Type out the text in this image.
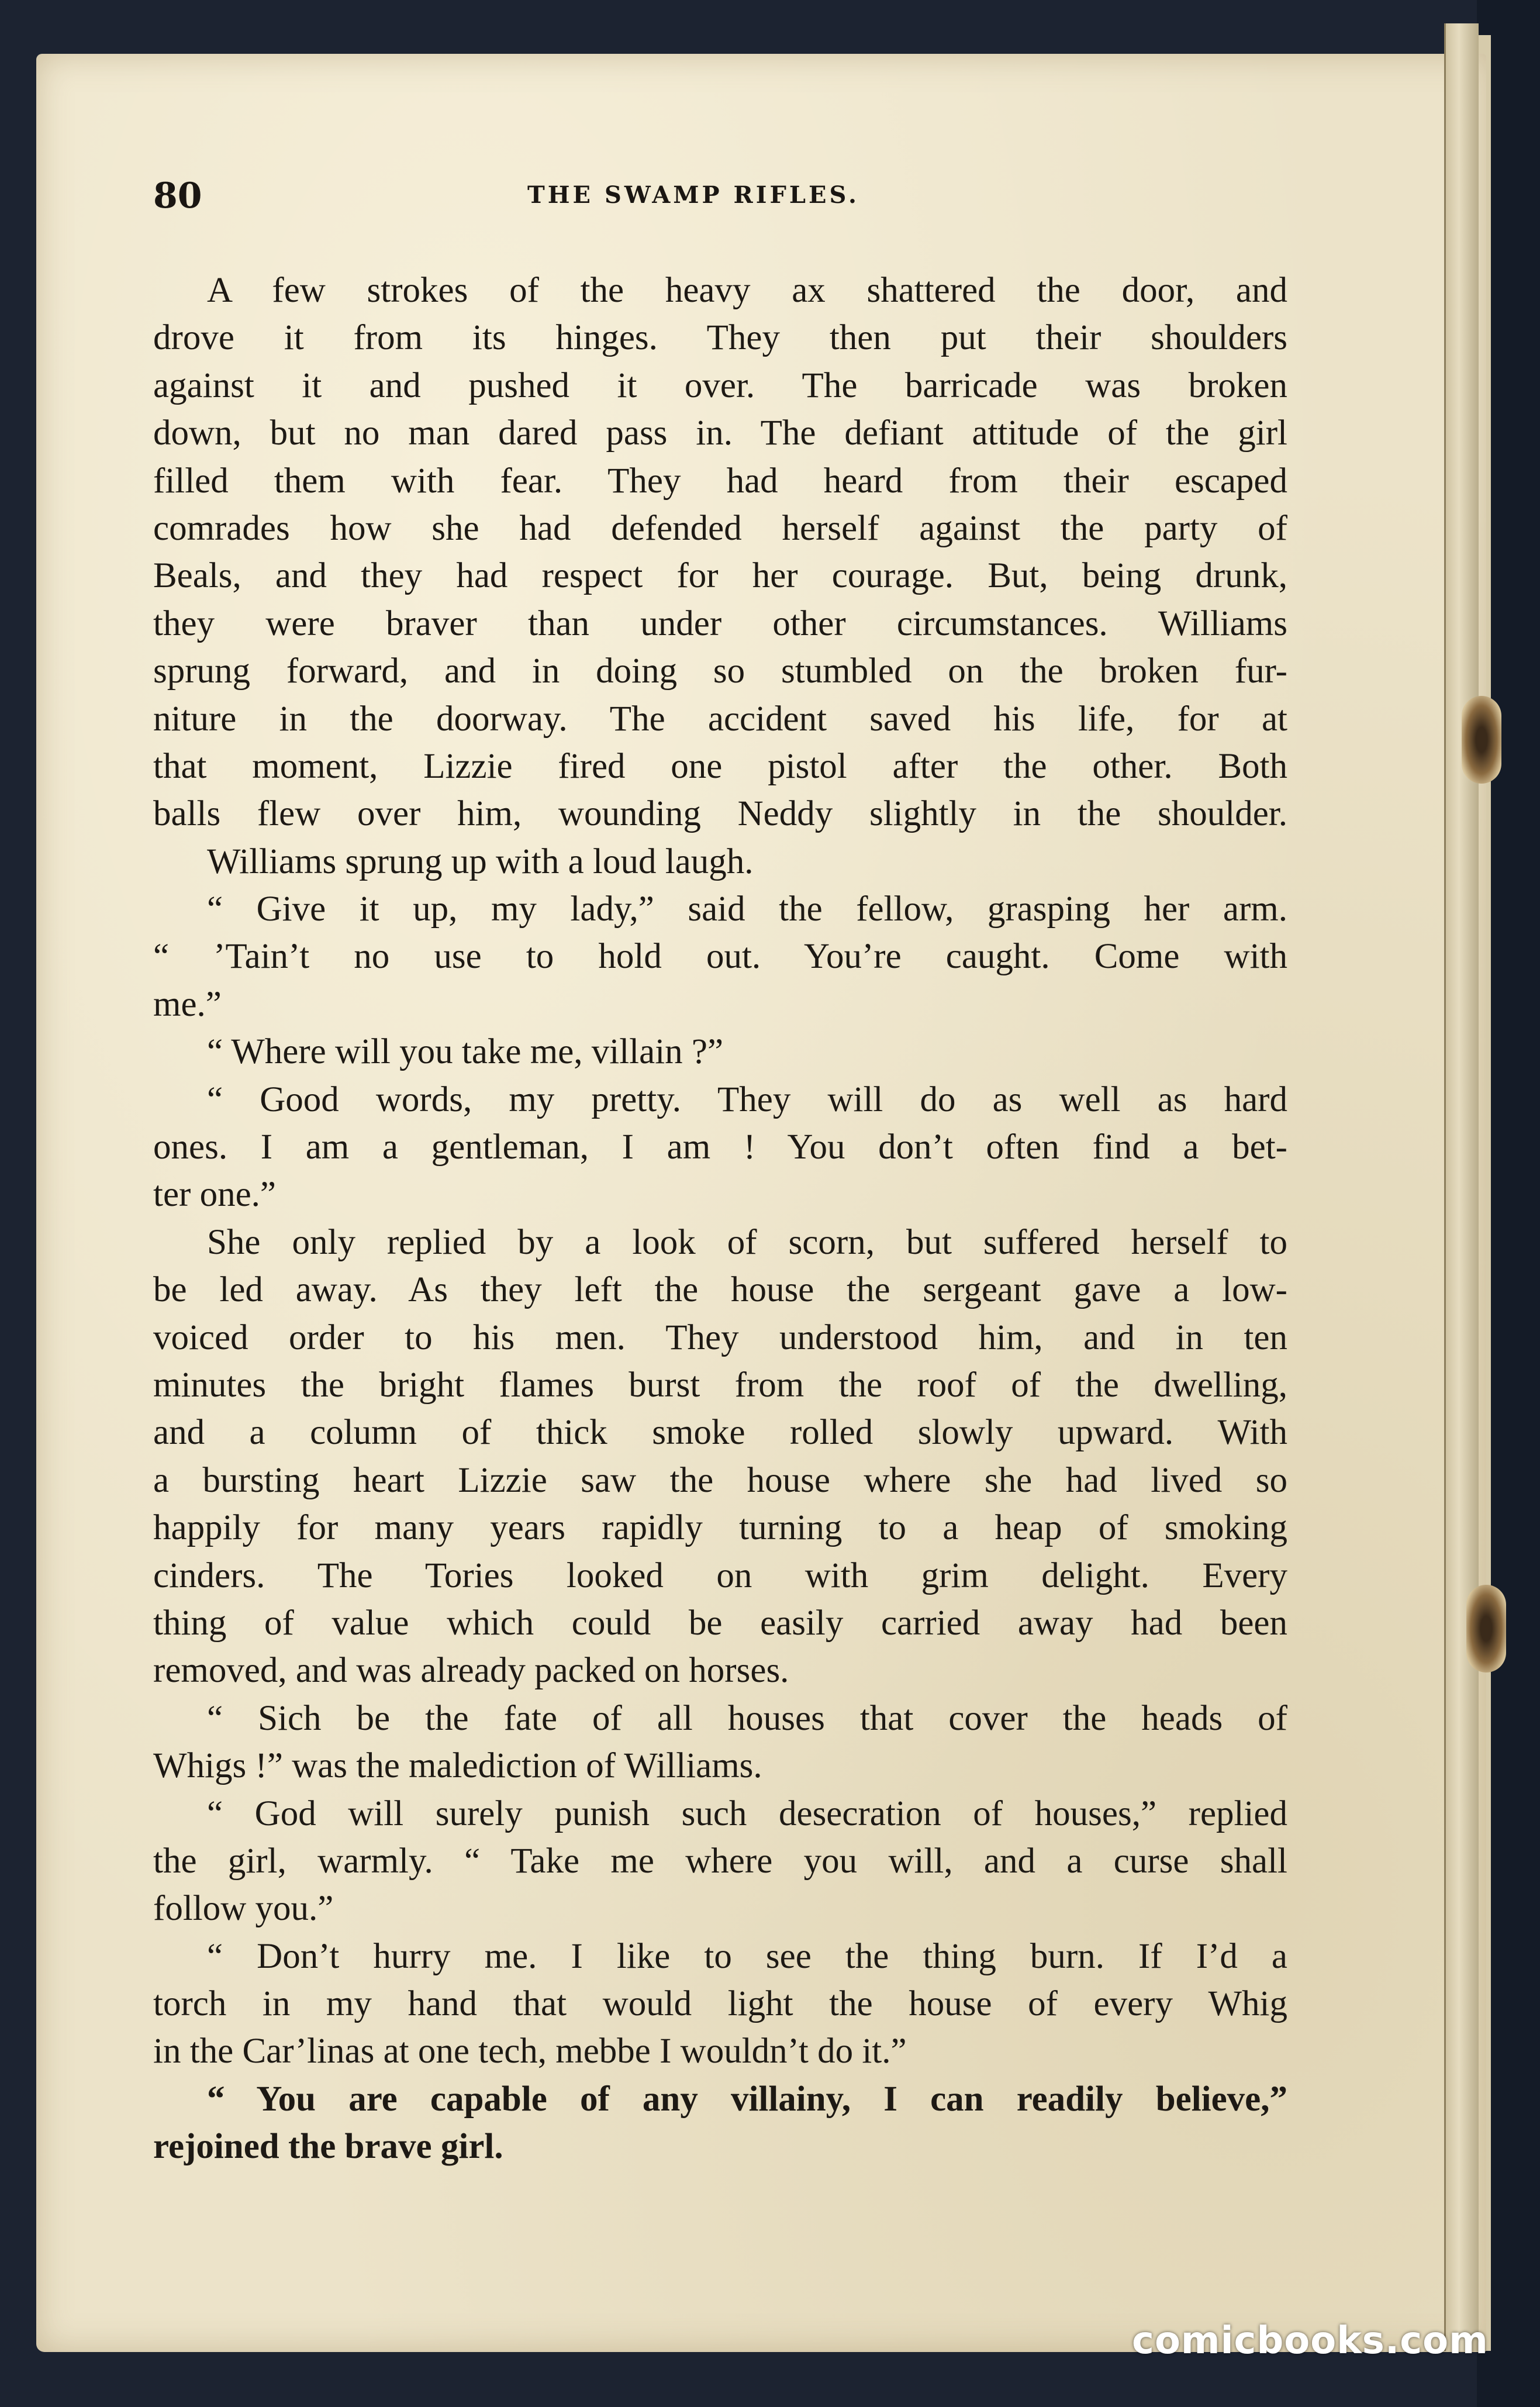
80	THE SWAMP RIFLES.
A few strokes of the heavy ax shattered the door, and
drove it from its hinges. They then put their shoulders
against it and pushed it over. The barricade was broken
down, but no man dared pass in. The defiant attitude of the girl
filled them with fear. They had heard from their escaped
comrades how she had defended herself against the party of
Beals, and they had respect for her courage. But, being drunk,
they were braver than under other circumstances. Williams
sprung forward, and in doing so stumbled on the broken fur-
niture in the doorway. The accident saved his life, for at
that moment, Lizzie fired one pistol after the other. Both
balls flew over him, wounding Neddy slightly in the shoulder.
Williams sprung up with a loud laugh.
“ Give it up, my lady,” said the fellow, grasping her arm.
“ ’Tain’t no use to hold out. You’re caught. Come with
me.”
“ Where will you take me, villain ?”
“ Good words, my pretty. They will do as well as hard
ones. I am a gentleman, I am ! You don’t often find a bet-
ter one.”
She only replied by a look of scorn, but suffered herself to
be led away. As they left the house the sergeant gave a low-
voiced order to his men. They understood him, and in ten
minutes the bright flames burst from the roof of the dwelling,
and a column of thick smoke rolled slowly upward. With
a bursting heart Lizzie saw the house where she had lived so
happily for many years rapidly turning to a heap of smoking
cinders. The Tories looked on with grim delight. Every
thing of value which could be easily carried away had been
removed, and was already packed on horses.
“ Sich be the fate of all houses that cover the heads of
Whigs !” was the malediction of Williams.
“ God will surely punish such desecration of houses,” replied
the girl, warmly. “ Take me where you will, and a curse shall
follow you.”
“ Don’t hurry me. I like to see the thing burn. If I’d a
torch in my hand that would light the house of every Whig
in the Car’linas at one tech, mebbe I wouldn’t do it.”
“ You are capable of any villainy, I can readily believe,”
rejoined the brave girl.
comicbooks.com
